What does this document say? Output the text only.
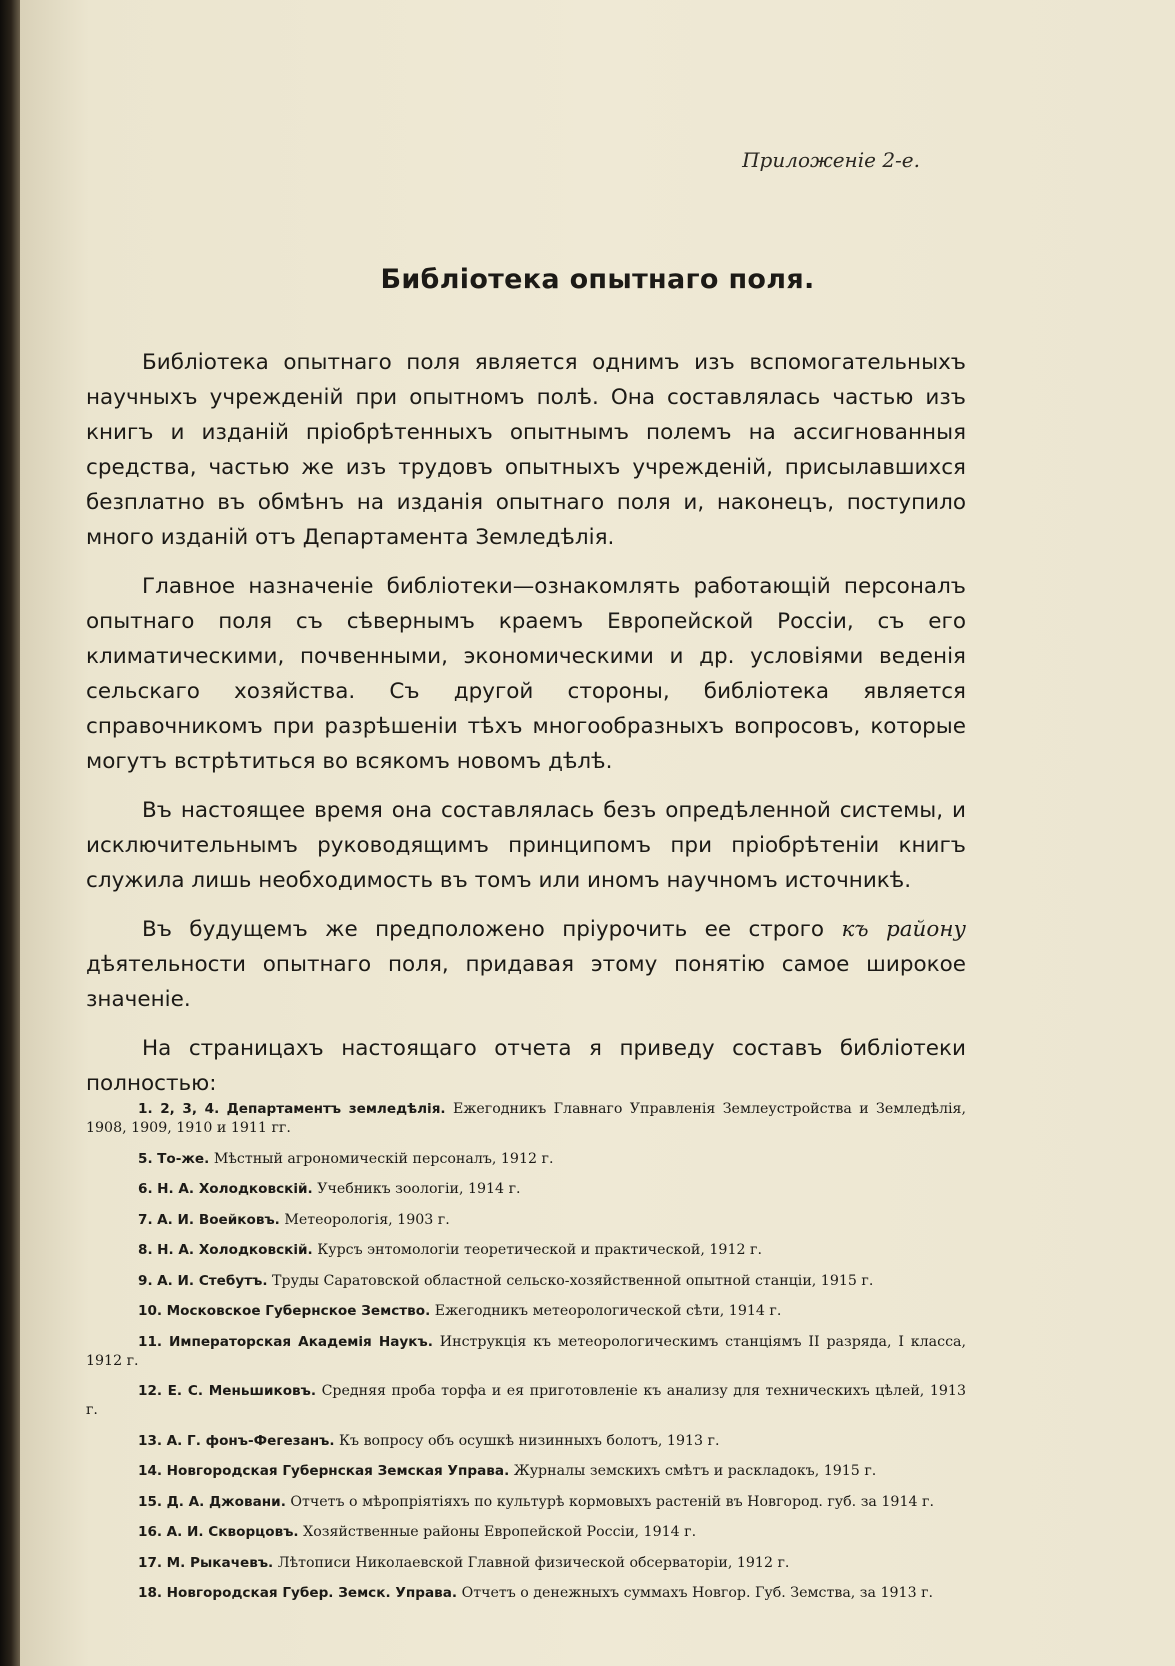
Приложенiе 2-е.
Библiотека опытнаго поля.

Библiотека опытнаго поля является однимъ изъ вспомогательныхъ научныхъ учрежденiй при опытномъ полѣ. Она составлялась частью изъ книгъ и изданiй прiобрѣтенныхъ опытнымъ полемъ на ассигнованныя средства, частью же изъ трудовъ опытныхъ учрежденiй, присылавшихся безплатно въ обмѣнъ на изданiя опытнаго поля и, наконецъ, поступило много изданiй отъ Департамента Земледѣлiя.

Главное назначенiе библiотеки—ознакомлять работающiй персоналъ опытнаго поля съ сѣвернымъ краемъ Европейской Россiи, съ его климатическими, почвенными, экономическими и др. условiями веденiя сельскаго хозяйства. Съ другой стороны, библiотека является справочникомъ при разрѣшенiи тѣхъ многообразныхъ вопросовъ, которые могутъ встрѣтиться во всякомъ новомъ дѣлѣ.

Въ настоящее время она составлялась безъ опредѣленной системы, и исключительнымъ руководящимъ принципомъ при прiобрѣтенiи книгъ служила лишь необходимость въ томъ или иномъ научномъ источникѣ.

Въ будущемъ же предположено прiурочить ее строго къ району дѣятельности опытнаго поля, придавая этому понятiю самое широкое значенiе.

На страницахъ настоящаго отчета я приведу составъ библiотеки полностью:

1. 2, 3, 4. Департаментъ земледѣлiя. Ежегодникъ Главнаго Управленiя Землеустройства и Земледѣлiя, 1908, 1909, 1910 и 1911 гг.
5. То-же. Мѣстный агрономическiй персоналъ, 1912 г.
6. Н. А. Холодковскiй. Учебникъ зоологiи, 1914 г.
7. А. И. Воейковъ. Метеорологiя, 1903 г.
8. Н. А. Холодковскiй. Курсъ энтомологiи теоретической и практической, 1912 г.
9. А. И. Стебутъ. Труды Саратовской областной сельско-хозяйственной опытной станцiи, 1915 г.
10. Московское Губернское Земство. Ежегодникъ метеорологической сѣти, 1914 г.
11. Императорская Академiя Наукъ. Инструкцiя къ метеорологическимъ станцiямъ II разряда, I класса, 1912 г.
12. Е. С. Меньшиковъ. Средняя проба торфа и ея приготовленiе къ анализу для техническихъ цѣлей, 1913 г.
13. А. Г. фонъ-Фегезанъ. Къ вопросу объ осушкѣ низинныхъ болотъ, 1913 г.
14. Новгородская Губернская Земская Управа. Журналы земскихъ смѣтъ и раскладокъ, 1915 г.
15. Д. А. Джовани. Отчетъ о мѣропрiятiяхъ по культурѣ кормовыхъ растенiй въ Новгород. губ. за 1914 г.
16. А. И. Скворцовъ. Хозяйственные районы Европейской Россiи, 1914 г.
17. М. Рыкачевъ. Лѣтописи Николаевской Главной физической обсерваторiи, 1912 г.
18. Новгородская Губер. Земск. Управа. Отчетъ о денежныхъ суммахъ Новгор. Губ. Земства, за 1913 г.
